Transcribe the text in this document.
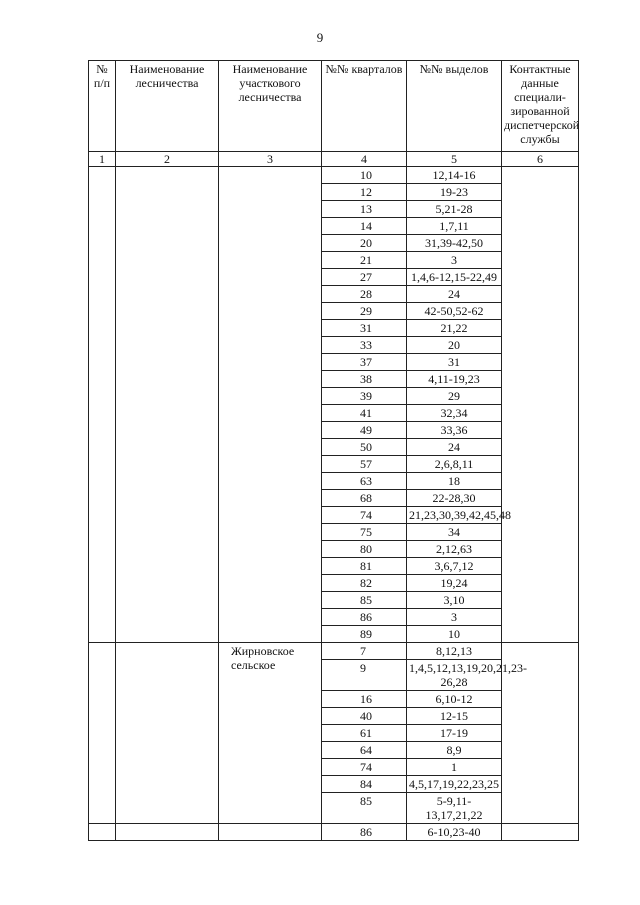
9
№
п/п	Наименование лесничества	Наименование участкового лесничества	№№ кварталов	№№ выделов	Контактные данные специали-зированной диспетчерской службы
1	2	3	4	5	6
			10	12,14-16	
			12	19-23	
			13	5,21-28	
			14	1,7,11	
			20	31,39-42,50	
			21	3	
			27	1,4,6-12,15-22,49	
			28	24	
			29	42-50,52-62	
			31	21,22	
			33	20	
			37	31	
			38	4,11-19,23	
			39	29	
			41	32,34	
			49	33,36	
			50	24	
			57	2,6,8,11	
			63	18	
			68	22-28,30	
			74	21,23,30,39,42,45,48	
			75	34	
			80	2,12,63	
			81	3,6,7,12	
			82	19,24	
			85	3,10	
			86	3	
			89	10	
		Жирновское сельское	7	8,12,13	
			9	1,4,5,12,13,19,20,21,23-26,28	
			16	6,10-12	
			40	12-15	
			61	17-19	
			64	8,9	
			74	1	
			84	4,5,17,19,22,23,25	
			85	5-9,11-13,17,21,22	
			86	6-10,23-40	
